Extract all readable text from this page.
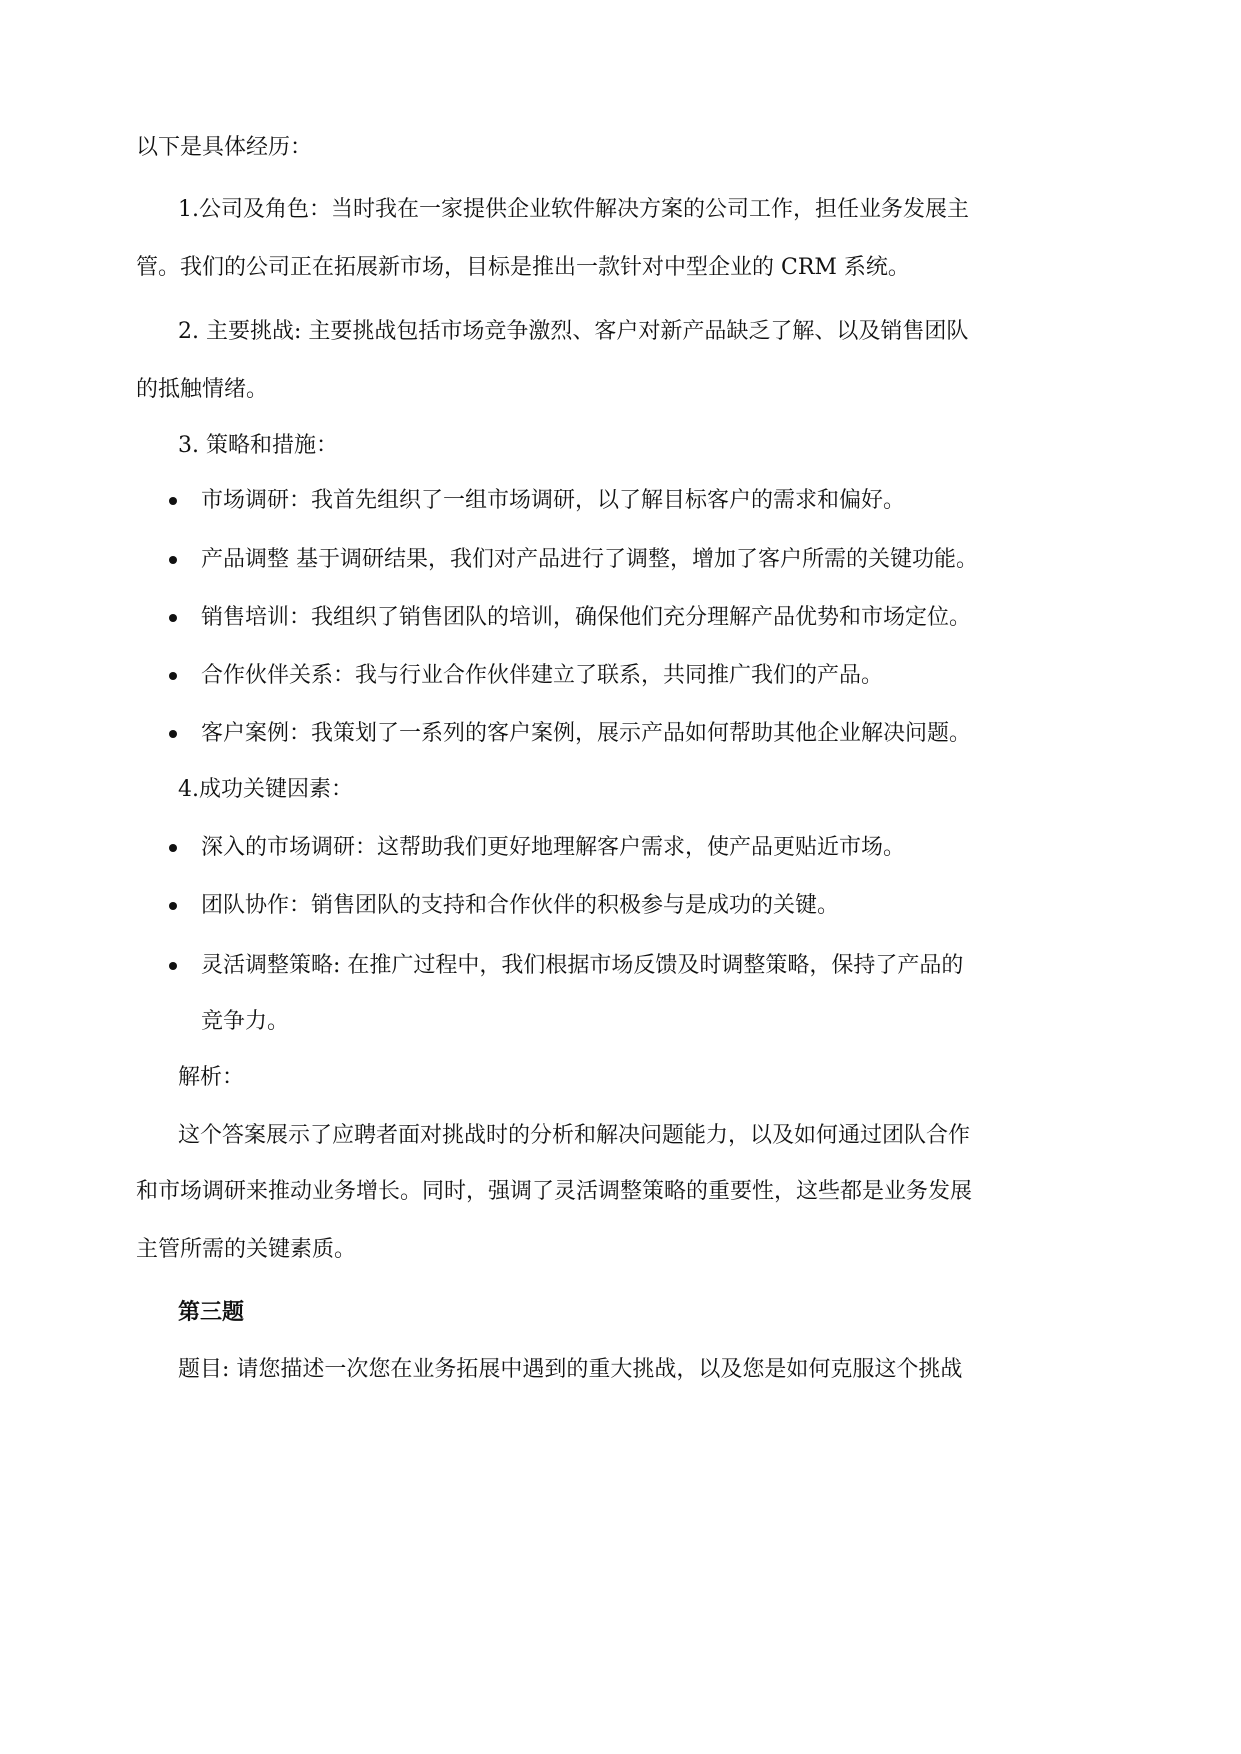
以下是具体经历：
1.公司及角色：当时我在一家提供企业软件解决方案的公司工作，担任业务发展主
管。我们的公司正在拓展新市场，目标是推出一款针对中型企业的 CRM 系统。
2. 主要挑战: 主要挑战包括市场竞争激烈、客户对新产品缺乏了解、以及销售团队
的抵触情绪。
3. 策略和措施：
市场调研：我首先组织了一组市场调研，以了解目标客户的需求和偏好。
产品调整 基于调研结果，我们对产品进行了调整，增加了客户所需的关键功能。
销售培训：我组织了销售团队的培训，确保他们充分理解产品优势和市场定位。
合作伙伴关系：我与行业合作伙伴建立了联系，共同推广我们的产品。
客户案例：我策划了一系列的客户案例，展示产品如何帮助其他企业解决问题。
4.成功关键因素：
深入的市场调研：这帮助我们更好地理解客户需求，使产品更贴近市场。
团队协作：销售团队的支持和合作伙伴的积极参与是成功的关键。
灵活调整策略: 在推广过程中，我们根据市场反馈及时调整策略，保持了产品的
竞争力。
解析：
这个答案展示了应聘者面对挑战时的分析和解决问题能力，以及如何通过团队合作
和市场调研来推动业务增长。同时，强调了灵活调整策略的重要性，这些都是业务发展
主管所需的关键素质。
第三题
题目: 请您描述一次您在业务拓展中遇到的重大挑战，以及您是如何克服这个挑战
